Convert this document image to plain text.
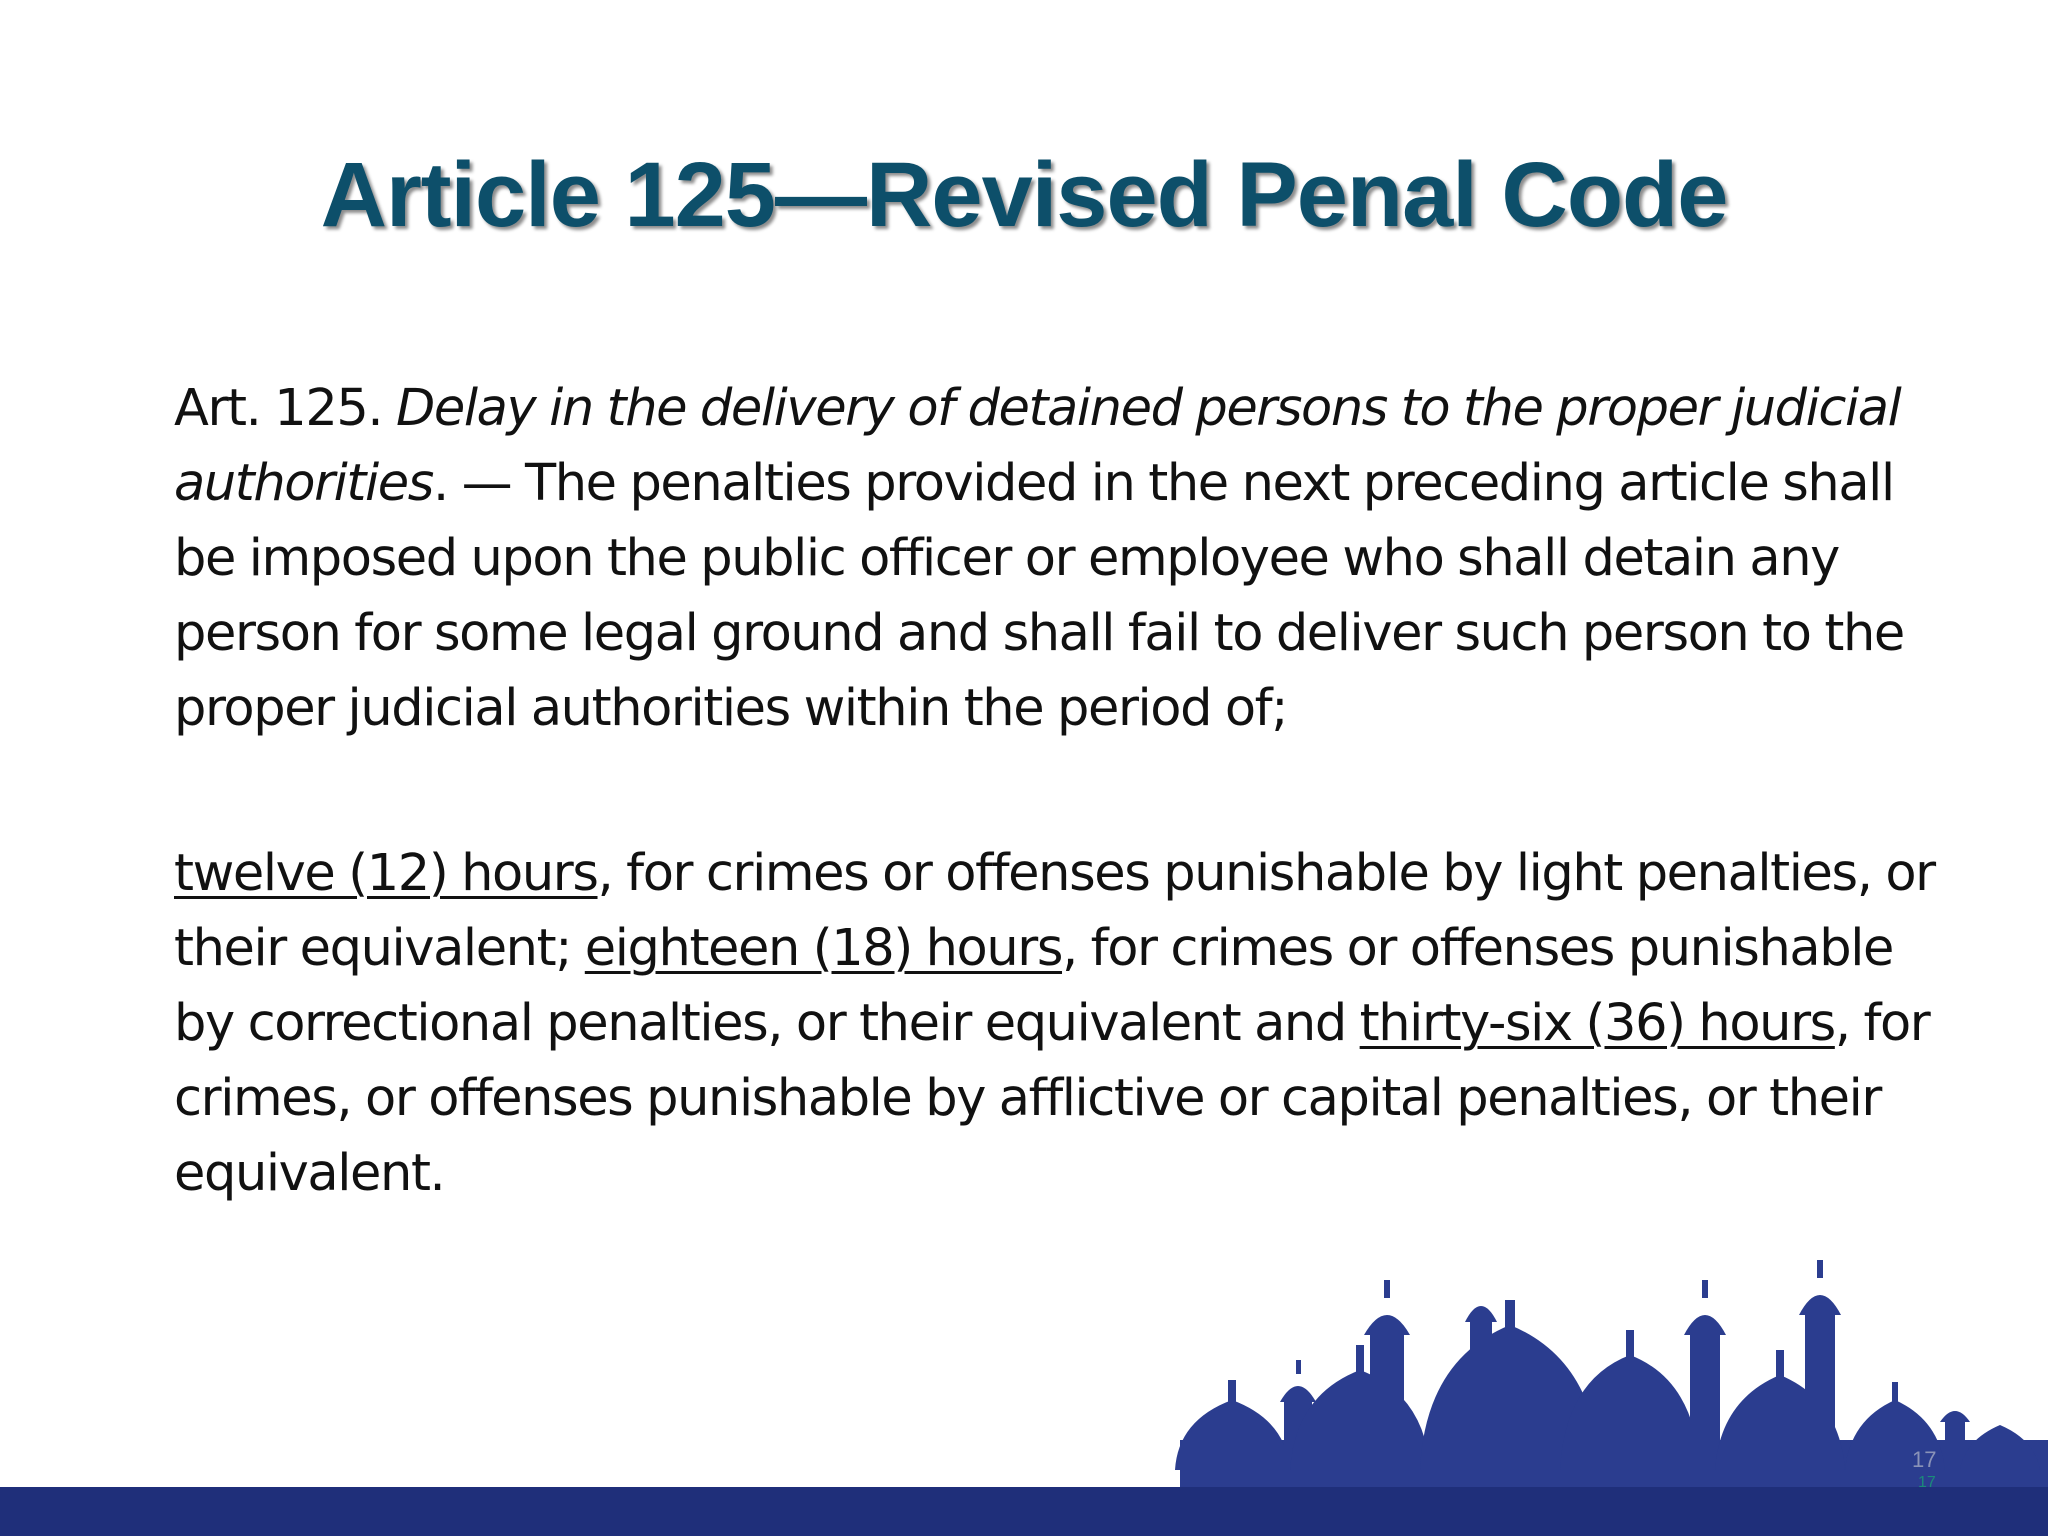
Article 125—Revised Penal Code

Art. 125. Delay in the delivery of detained persons to the proper judicial authorities. — The penalties provided in the next preceding article shall be imposed upon the public officer or employee who shall detain any person for some legal ground and shall fail to deliver such person to the proper judicial authorities within the period of;

twelve (12) hours, for crimes or offenses punishable by light penalties, or their equivalent; eighteen (18) hours, for crimes or offenses punishable by correctional penalties, or their equivalent and thirty-six (36) hours, for crimes, or offenses punishable by afflictive or capital penalties, or their equivalent.

17
17
